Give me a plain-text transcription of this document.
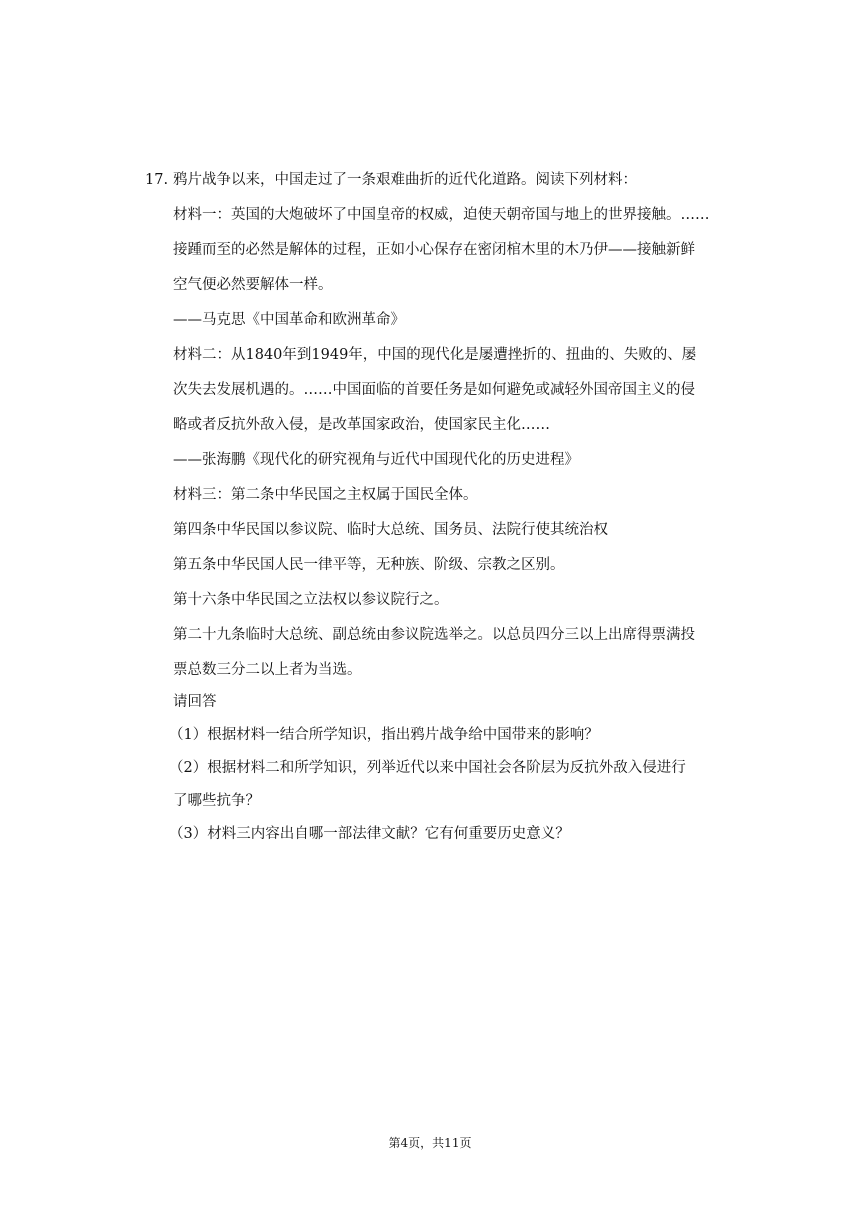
17. 鸦片战争以来，中国走过了一条艰难曲折的近代化道路。阅读下列材料：
材料一：英国的大炮破坏了中国皇帝的权威，迫使天朝帝国与地上的世界接触。……
接踵而至的必然是解体的过程，正如小心保存在密闭棺木里的木乃伊——接触新鲜
空气便必然要解体一样。
——马克思《中国革命和欧洲革命》
材料二：从1840年到1949年，中国的现代化是屡遭挫折的、扭曲的、失败的、屡
次失去发展机遇的。……中国面临的首要任务是如何避免或减轻外国帝国主义的侵
略或者反抗外敌入侵，是改革国家政治，使国家民主化……
——张海鹏《现代化的研究视角与近代中国现代化的历史进程》
材料三：第二条中华民国之主权属于国民全体。
第四条中华民国以参议院、临时大总统、国务员、法院行使其统治权
第五条中华民国人民一律平等，无种族、阶级、宗教之区别。
第十六条中华民国之立法权以参议院行之。
第二十九条临时大总统、副总统由参议院选举之。以总员四分三以上出席得票满投
票总数三分二以上者为当选。
请回答
（1）根据材料一结合所学知识，指出鸦片战争给中国带来的影响？
（2）根据材料二和所学知识，列举近代以来中国社会各阶层为反抗外敌入侵进行
了哪些抗争？
（3）材料三内容出自哪一部法律文献？它有何重要历史意义？
第4页，共11页
